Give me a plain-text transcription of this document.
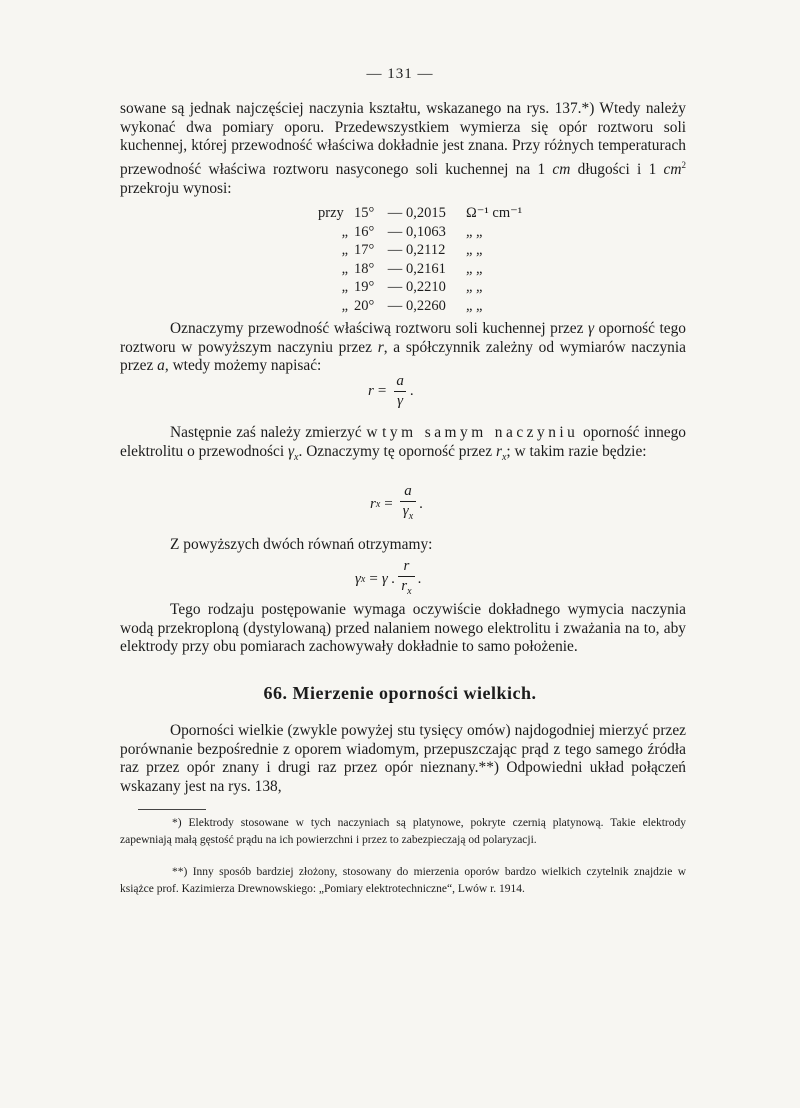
— 131 —

sowane są jednak najczęściej naczynia kształtu, wskazanego na rys. 137.*) Wtedy należy wykonać dwa pomiary oporu. Przedewszystkiem wymierza się opór roztworu soli kuchennej, której przewodność właściwa dokładnie jest znana. Przy różnych temperaturach przewodność właściwa roztworu nasyconego soli kuchennej na 1 cm długości i 1 $cm^2$ przekroju wynosi:

przy 15° — 0,2015	Ω⁻¹ cm⁻¹
„ 16° — 0,1063	„ „
„ 17° — 0,2112	„ „
„ 18° — 0,2161	„ „
„ 19° — 0,2210	„ „
„ 20° — 0,2260	„ „

Oznaczymy przewodność właściwą roztworu soli kuchennej przez γ oporność tego roztworu w powyższym naczyniu przez r, a spółczynnik zależny od wymiarów naczynia przez a, wtedy możemy napisać:

$r = \frac{a}{\gamma}$ .

Następnie zaś należy zmierzyć w tym samym naczyniu oporność innego elektrolitu o przewodności $\gamma_x$. Oznaczymy tę oporność przez $r_x$; w takim razie będzie:

r $x = \frac{a}{\gamma_x}$ .

Z powyższych dwóch równań otrzymamy:

γ x = γ . $\frac{r}{r_x}$ .

Tego rodzaju postępowanie wymaga oczywiście dokładnego wymycia naczynia wodą przekroploną (dystylowaną) przed nalaniem nowego elektrolitu i zważania na to, aby elektrody przy obu pomiarach zachowywały dokładnie to samo położenie.

66. Mierzenie oporności wielkich.

Oporności wielkie (zwykle powyżej stu tysięcy omów) najdogodniej mierzyć przez porównanie bezpośrednie z oporem wiadomym, przepuszczając prąd z tego samego źródła raz przez opór znany i drugi raz przez opór nieznany.**) Odpowiedni układ połączeń wskazany jest na rys. 138,

*) Elektrody stosowane w tych naczyniach są platynowe, pokryte czernią platynową. Takie elektrody zapewniają małą gęstość prądu na ich powierzchni i przez to zabezpieczają od polaryzacji.

**) Inny sposób bardziej złożony, stosowany do mierzenia oporów bardzo wielkich czytelnik znajdzie w książce prof. Kazimierza Drewnowskiego: „Pomiary elektrotechniczne“, Lwów r. 1914.
